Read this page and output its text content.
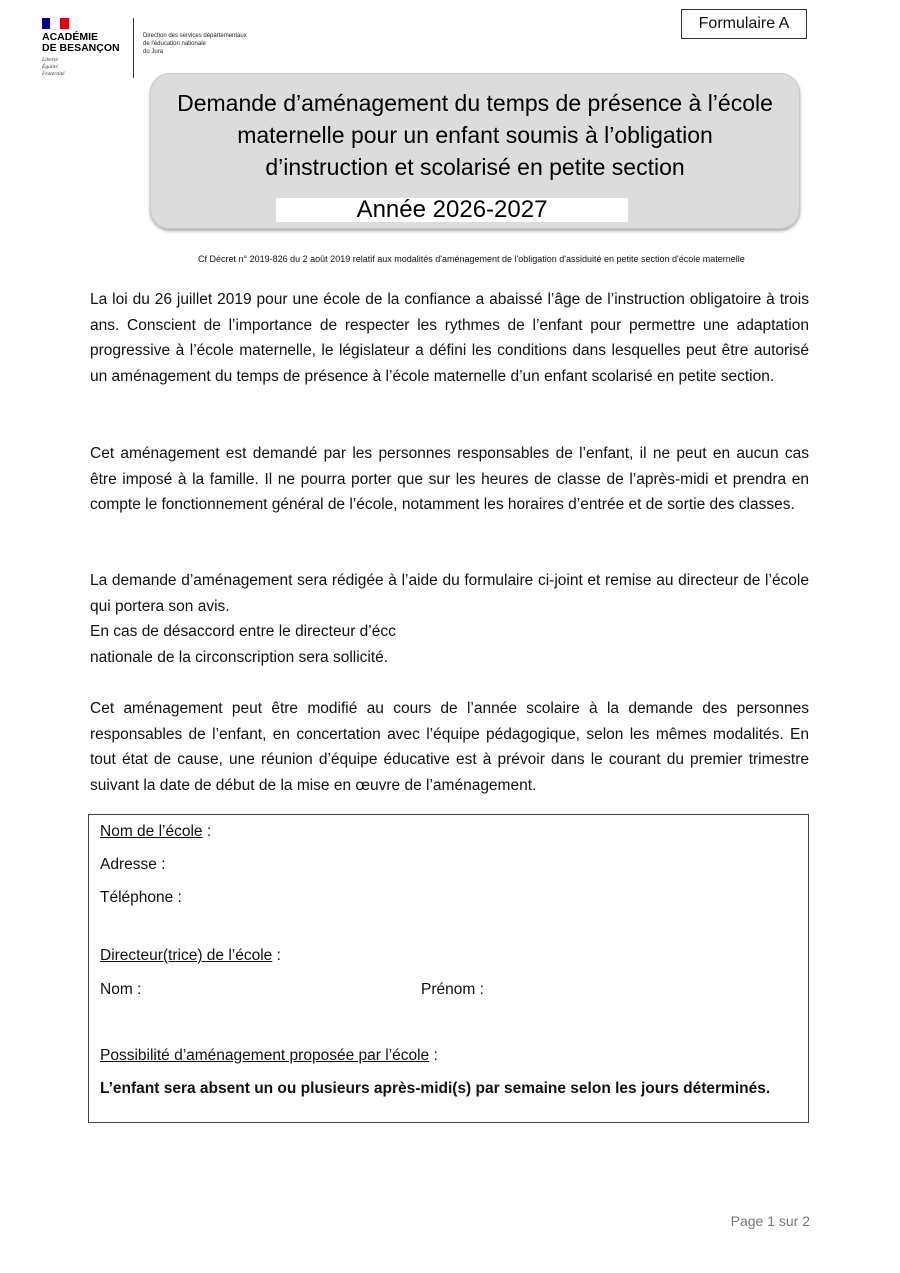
ACADÉMIE
DE BESANÇON
Liberté
Égalité
Fraternité
Direction des services départementaux
de l'éducation nationale
du Jura
Formulaire A
Demande d’aménagement du temps de présence à l’école
maternelle pour un enfant soumis à l’obligation
d’instruction et scolarisé en petite section
Année 2026-2027
Cf Décret n° 2019-826 du 2 août 2019 relatif aux modalités d'aménagement de l'obligation d'assiduité en petite section d'école maternelle

La loi du 26 juillet 2019 pour une école de la confiance a abaissé l’âge de l’instruction obligatoire à trois ans. Conscient de l’importance de respecter les rythmes de l’enfant pour permettre une adaptation progressive à l’école maternelle, le législateur a défini les conditions dans lesquelles peut être autorisé un aménagement du temps de présence à l’école maternelle d’un enfant scolarisé en petite section.

Cet aménagement est demandé par les personnes responsables de l’enfant, il ne peut en aucun cas être imposé à la famille. Il ne pourra porter que sur les heures de classe de l’après-midi et prendra en compte le fonctionnement général de l’école, notamment les horaires d’entrée et de sortie des classes.

La demande d’aménagement sera rédigée à l’aide du formulaire ci-joint et remise au directeur de l’école qui portera son avis.

En cas de désaccord entre le directeur d’écc
nationale de la circonscription sera sollicité.

Cet aménagement peut être modifié au cours de l’année scolaire à la demande des personnes responsables de l’enfant, en concertation avec l’équipe pédagogique, selon les mêmes modalités. En tout état de cause, une réunion d’équipe éducative est à prévoir dans le courant du premier trimestre suivant la date de début de la mise en œuvre de l’aménagement.

Nom de l’école :
Adresse :
Téléphone :
Directeur(trice) de l’école :
Nom :	Prénom :
Possibilité d’aménagement proposée par l’école :
L’enfant sera absent un ou plusieurs après-midi(s) par semaine selon les jours déterminés.
Page 1 sur 2
